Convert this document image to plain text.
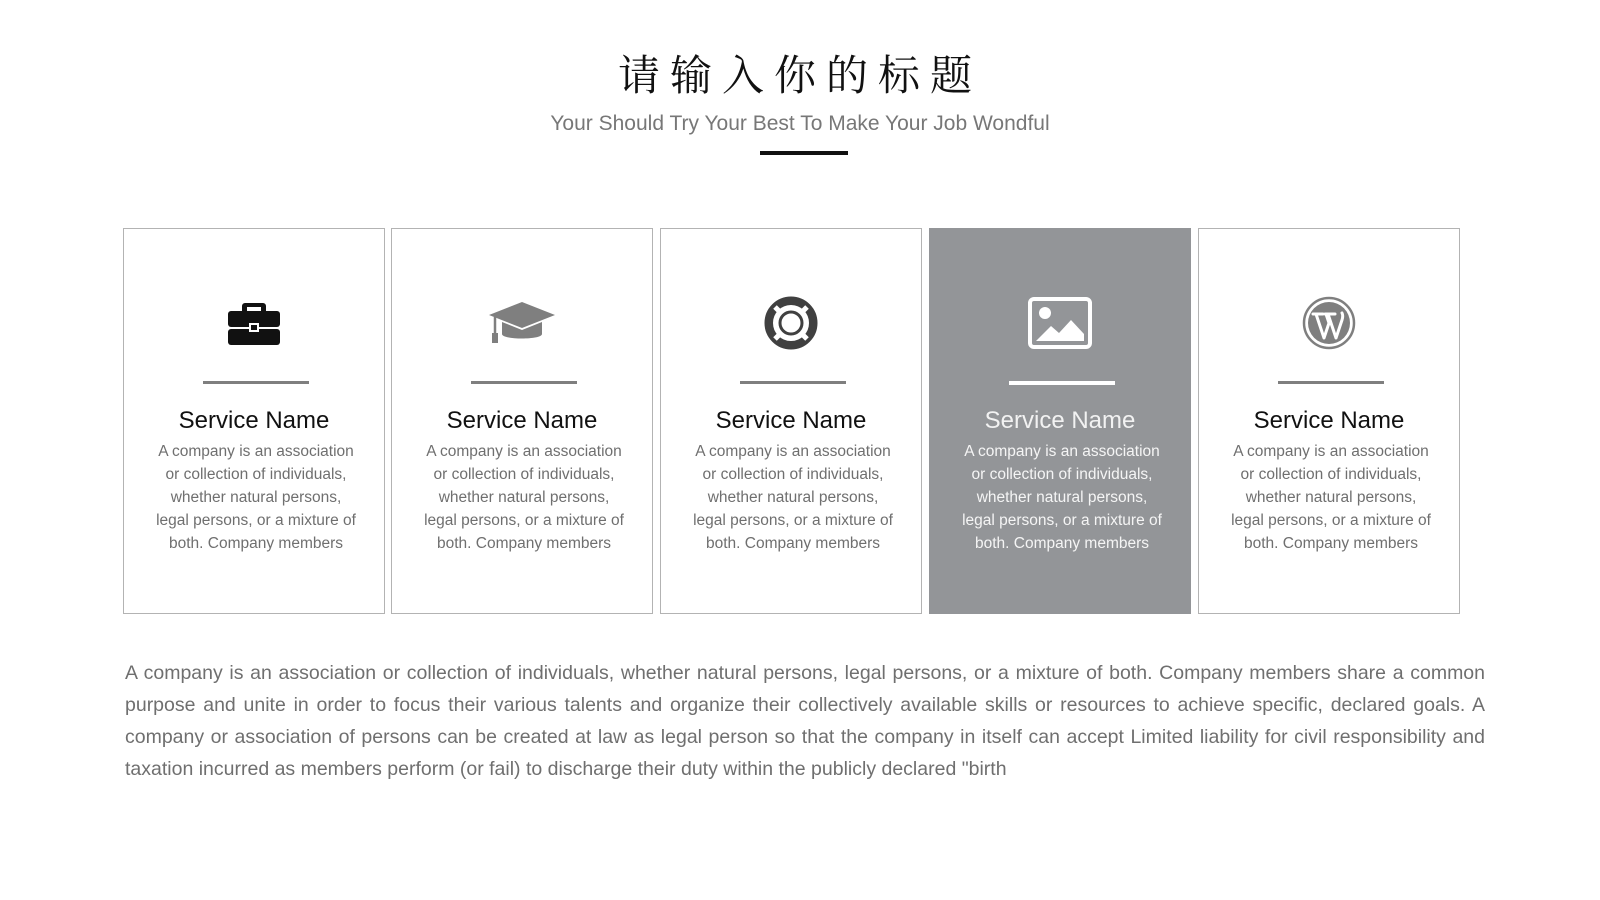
请输入你的标题
Your Should Try Your Best To Make Your Job Wondful
Service Name
A company is an association or collection of individuals, whether natural persons, legal persons, or a mixture of both. Company members
Service Name
A company is an association or collection of individuals, whether natural persons, legal persons, or a mixture of both. Company members
Service Name
A company is an association or collection of individuals, whether natural persons, legal persons, or a mixture of both. Company members
Service Name
A company is an association or collection of individuals, whether natural persons, legal persons, or a mixture of both. Company members
Service Name
A company is an association or collection of individuals, whether natural persons, legal persons, or a mixture of both. Company members
A company is an association or collection of individuals, whether natural persons, legal persons, or a mixture of both. Company members share a common purpose and unite in order to focus their various talents and organize their collectively available skills or resources to achieve specific, declared goals. A company or association of persons can be created at law as legal person so that the company in itself can accept Limited liability for civil responsibility and taxation incurred as members perform (or fail) to discharge their duty within the publicly declared "birth
